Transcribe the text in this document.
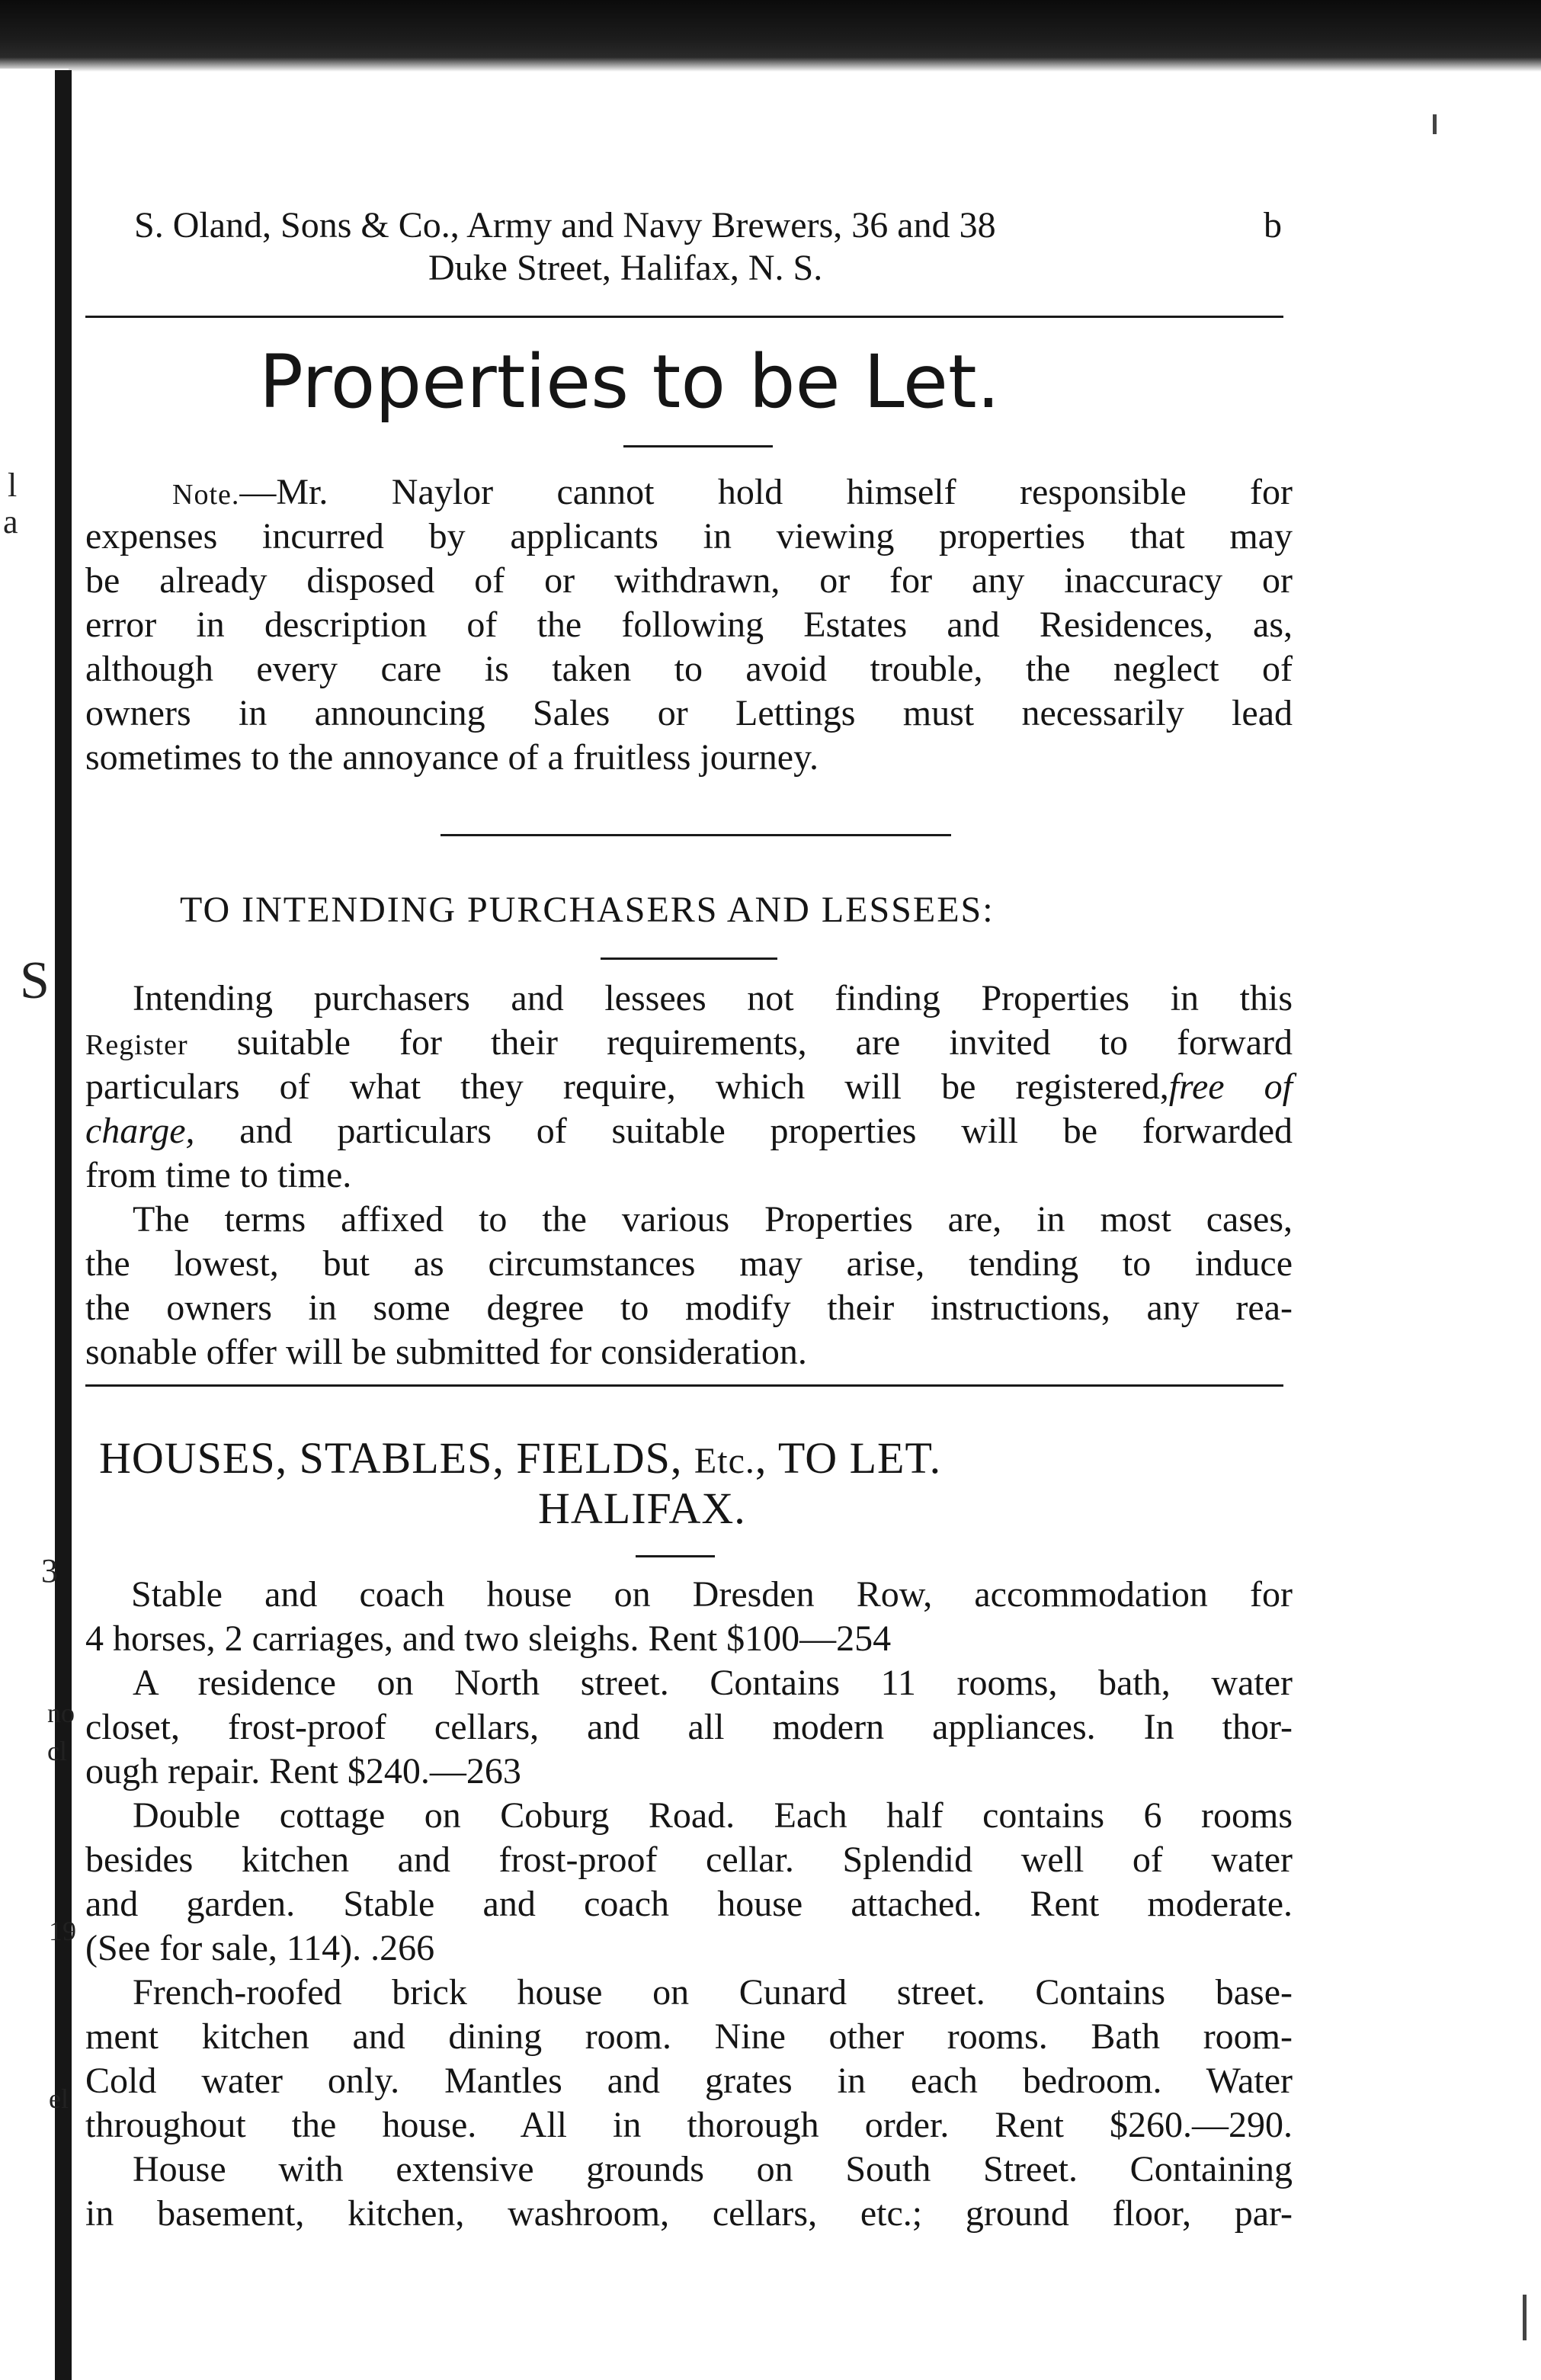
a
l
S
3
no
cl
19
el
S. Oland, Sons & Co., Army and Navy Brewers, 36 and 38	b
Duke Street, Halifax, N. S.
Properties to be Let.
Note.—Mr. Naylor cannot hold himself responsible for
expenses incurred by applicants in viewing properties that may
be already disposed of or withdrawn, or for any inaccuracy or
error in description of the following Estates and Residences, as,
although every care is taken to avoid trouble, the neglect of
owners in announcing Sales or Lettings must necessarily lead
sometimes to the annoyance of a fruitless journey.
TO INTENDING PURCHASERS AND LESSEES:
Intending purchasers and lessees not finding Properties in this
Register suitable for their requirements, are invited to forward
particulars of what they require, which will be registered,free of
charge, and particulars of suitable properties will be forwarded
from time to time.
The terms affixed to the various Properties are, in most cases,
the lowest, but as circumstances may arise, tending to induce
the owners in some degree to modify their instructions, any rea-
sonable offer will be submitted for consideration.
HOUSES, STABLES, FIELDS, Etc., TO LET.
HALIFAX.
Stable and coach house on Dresden Row, accommodation for
4 horses, 2 carriages, and two sleighs. Rent $100—254
A residence on North street. Contains 11 rooms, bath, water
closet, frost-proof cellars, and all modern appliances. In thor-
ough repair. Rent $240.—263
Double cottage on Coburg Road. Each half contains 6 rooms
besides kitchen and frost-proof cellar. Splendid well of water
and garden. Stable and coach house attached. Rent moderate.
(See for sale, 114). .266
French-roofed brick house on Cunard street. Contains base-
ment kitchen and dining room. Nine other rooms. Bath room-
Cold water only. Mantles and grates in each bedroom. Water
throughout the house. All in thorough order. Rent $260.—290.
House with extensive grounds on South Street. Containing
in basement, kitchen, washroom, cellars, etc.; ground floor, par-
